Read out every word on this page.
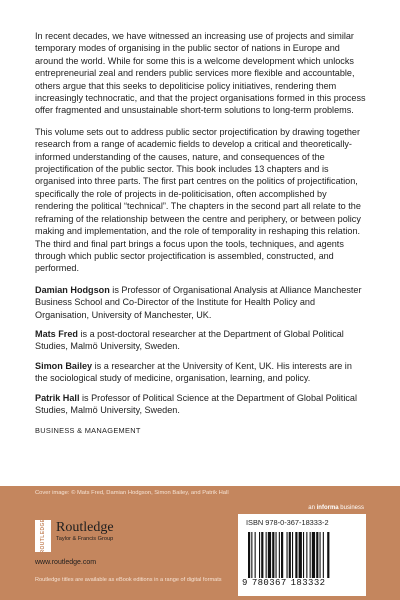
In recent decades, we have witnessed an increasing use of projects and similar temporary modes of organising in the public sector of nations in Europe and around the world. While for some this is a welcome development which unlocks entrepreneurial zeal and renders public services more flexible and accountable, others argue that this seeks to depoliticise policy initiatives, rendering them increasingly technocratic, and that the project organisations formed in this process offer fragmented and unsustainable short-term solutions to long-term problems.

This volume sets out to address public sector projectification by drawing together research from a range of academic fields to develop a critical and theoretically-informed understanding of the causes, nature, and consequences of the projectification of the public sector. This book includes 13 chapters and is organised into three parts. The first part centres on the politics of projectification, specifically the role of projects in de-politicisation, often accomplished by rendering the political “technical”. The chapters in the second part all relate to the reframing of the relationship between the centre and periphery, or between policy making and implementation, and the role of temporality in reshaping this relation. The third and final part brings a focus upon the tools, techniques, and agents through which public sector projectification is assembled, constructed, and performed.

Damian Hodgson is Professor of Organisational Analysis at Alliance Manchester Business School and Co-Director of the Institute for Health Policy and Organisation, University of Manchester, UK.

Mats Fred is a post-doctoral researcher at the Department of Global Political Studies, Malmö University, Sweden.

Simon Bailey is a researcher at the University of Kent, UK. His interests are in the sociological study of medicine, organisation, learning, and policy.

Patrik Hall is Professor of Political Science at the Department of Global Political Studies, Malmö University, Sweden.

BUSINESS & MANAGEMENT

Cover image: © Mats Fred, Damian Hodgson, Simon Bailey, and Patrik Hall
an informa business
ROUTLEDGE Routledge
Taylor & Francis Group
www.routledge.com
Routledge titles are available as eBook editions in a range of digital formats
ISBN 978-0-367-18333-2
9 780367 183332
